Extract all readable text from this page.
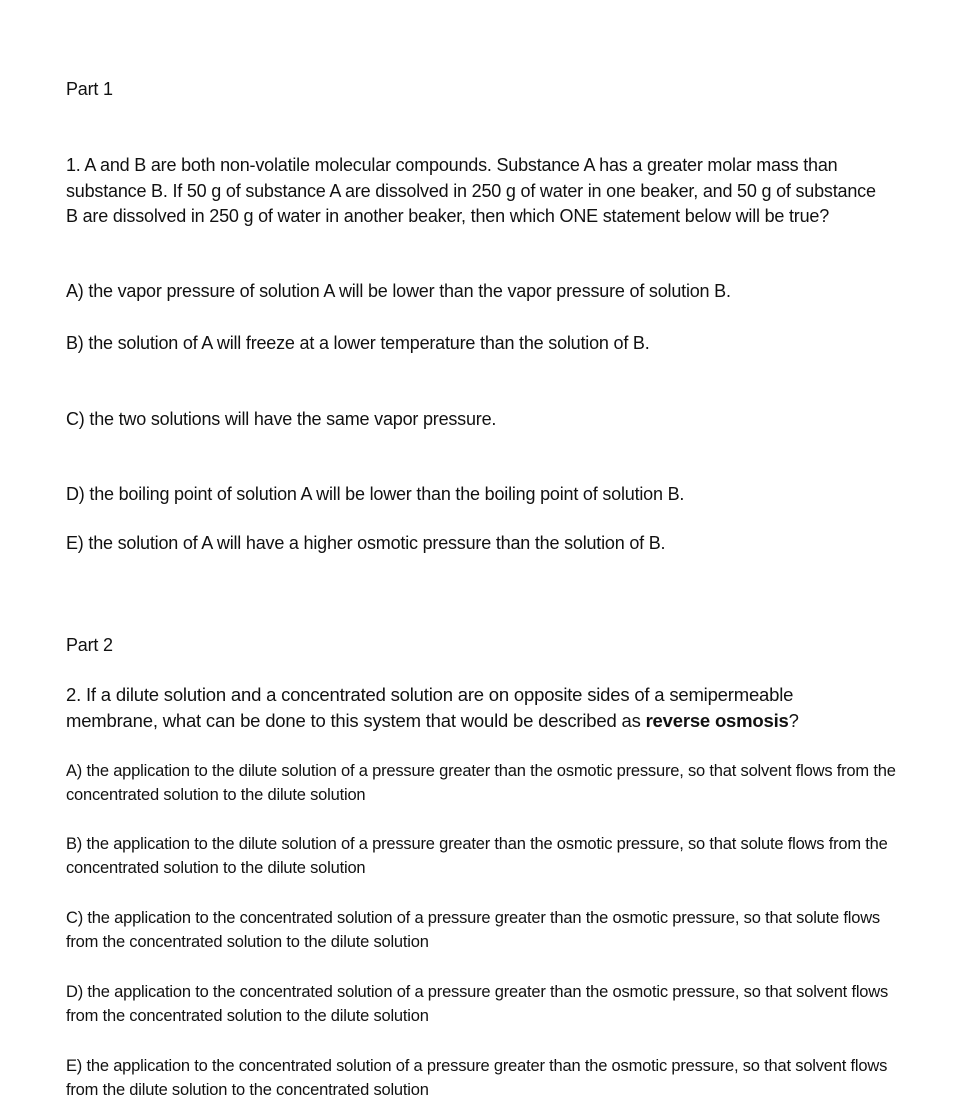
Part 1

1. A and B are both non-volatile molecular compounds. Substance A has a greater molar mass than substance B. If 50 g of substance A are dissolved in 250 g of water in one beaker, and 50 g of substance B are dissolved in 250 g of water in another beaker, then which ONE statement below will be true?

A) the vapor pressure of solution A will be lower than the vapor pressure of solution B.

B) the solution of A will freeze at a lower temperature than the solution of B.

C) the two solutions will have the same vapor pressure.

D) the boiling point of solution A will be lower than the boiling point of solution B.

E) the solution of A will have a higher osmotic pressure than the solution of B.

Part 2

2. If a dilute solution and a concentrated solution are on opposite sides of a semipermeable membrane, what can be done to this system that would be described as reverse osmosis?

A) the application to the dilute solution of a pressure greater than the osmotic pressure, so that solvent flows from the concentrated solution to the dilute solution

B) the application to the dilute solution of a pressure greater than the osmotic pressure, so that solute flows from the concentrated solution to the dilute solution

C) the application to the concentrated solution of a pressure greater than the osmotic pressure, so that solute flows from the concentrated solution to the dilute solution

D) the application to the concentrated solution of a pressure greater than the osmotic pressure, so that solvent flows from the concentrated solution to the dilute solution

E) the application to the concentrated solution of a pressure greater than the osmotic pressure, so that solvent flows from the dilute solution to the concentrated solution
